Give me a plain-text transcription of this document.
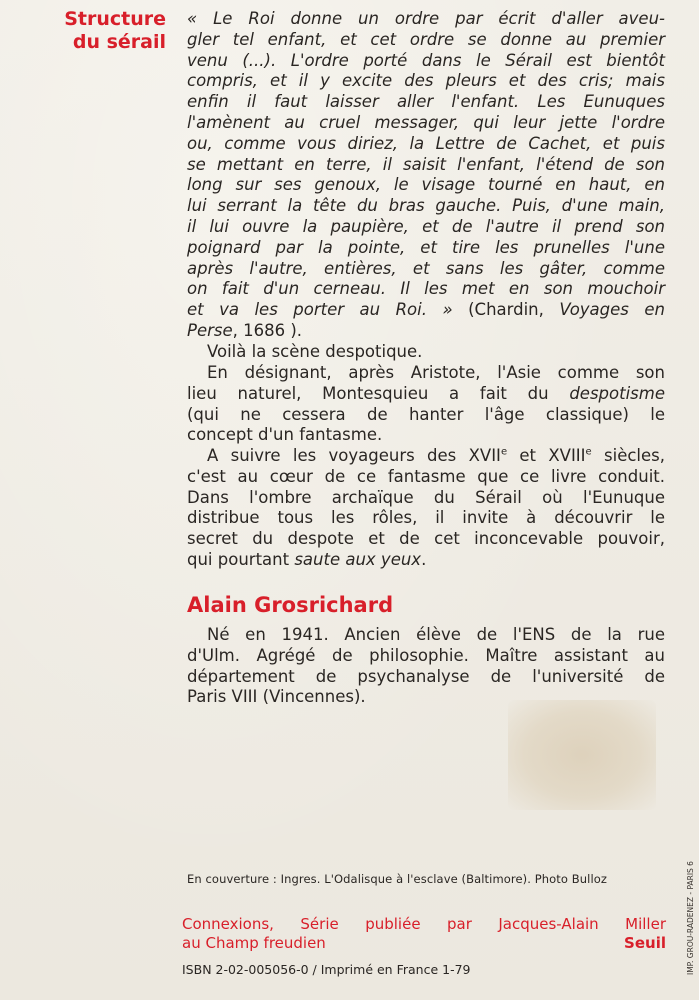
Structure
du sérail
« Le Roi donne un ordre par écrit d'aller aveu-
gler tel enfant, et cet ordre se donne au premier
venu (...). L'ordre porté dans le Sérail est bientôt
compris, et il y excite des pleurs et des cris; mais
enfin il faut laisser aller l'enfant. Les Eunuques
l'amènent au cruel messager, qui leur jette l'ordre
ou, comme vous diriez, la Lettre de Cachet, et puis
se mettant en terre, il saisit l'enfant, l'étend de son
long sur ses genoux, le visage tourné en haut, en
lui serrant la tête du bras gauche. Puis, d'une main,
il lui ouvre la paupière, et de l'autre il prend son
poignard par la pointe, et tire les prunelles l'une
après l'autre, entières, et sans les gâter, comme
on fait d'un cerneau. Il les met en son mouchoir
et va les porter au Roi. » (Chardin, Voyages en
Perse, 1686 ).
Voilà la scène despotique.
En désignant, après Aristote, l'Asie comme son
lieu naturel, Montesquieu a fait du despotisme
(qui ne cessera de hanter l'âge classique) le
concept d'un fantasme.
A suivre les voyageurs des XVIIe et XVIIIe siècles,
c'est au cœur de ce fantasme que ce livre conduit.
Dans l'ombre archaïque du Sérail où l'Eunuque
distribue tous les rôles, il invite à découvrir le
secret du despote et de cet inconcevable pouvoir,
qui pourtant saute aux yeux.
Alain Grosrichard
Né en 1941. Ancien élève de l'ENS de la rue
d'Ulm. Agrégé de philosophie. Maître assistant au
département de psychanalyse de l'université de
Paris VIII (Vincennes).
En couverture : Ingres. L'Odalisque à l'esclave (Baltimore). Photo Bulloz
Connexions, Série publiée par Jacques-Alain Miller
au Champ freudien	Seuil
ISBN 2-02-005056-0 / Imprimé en France 1-79	IMP. GROU-RADENEZ - PARIS 6
